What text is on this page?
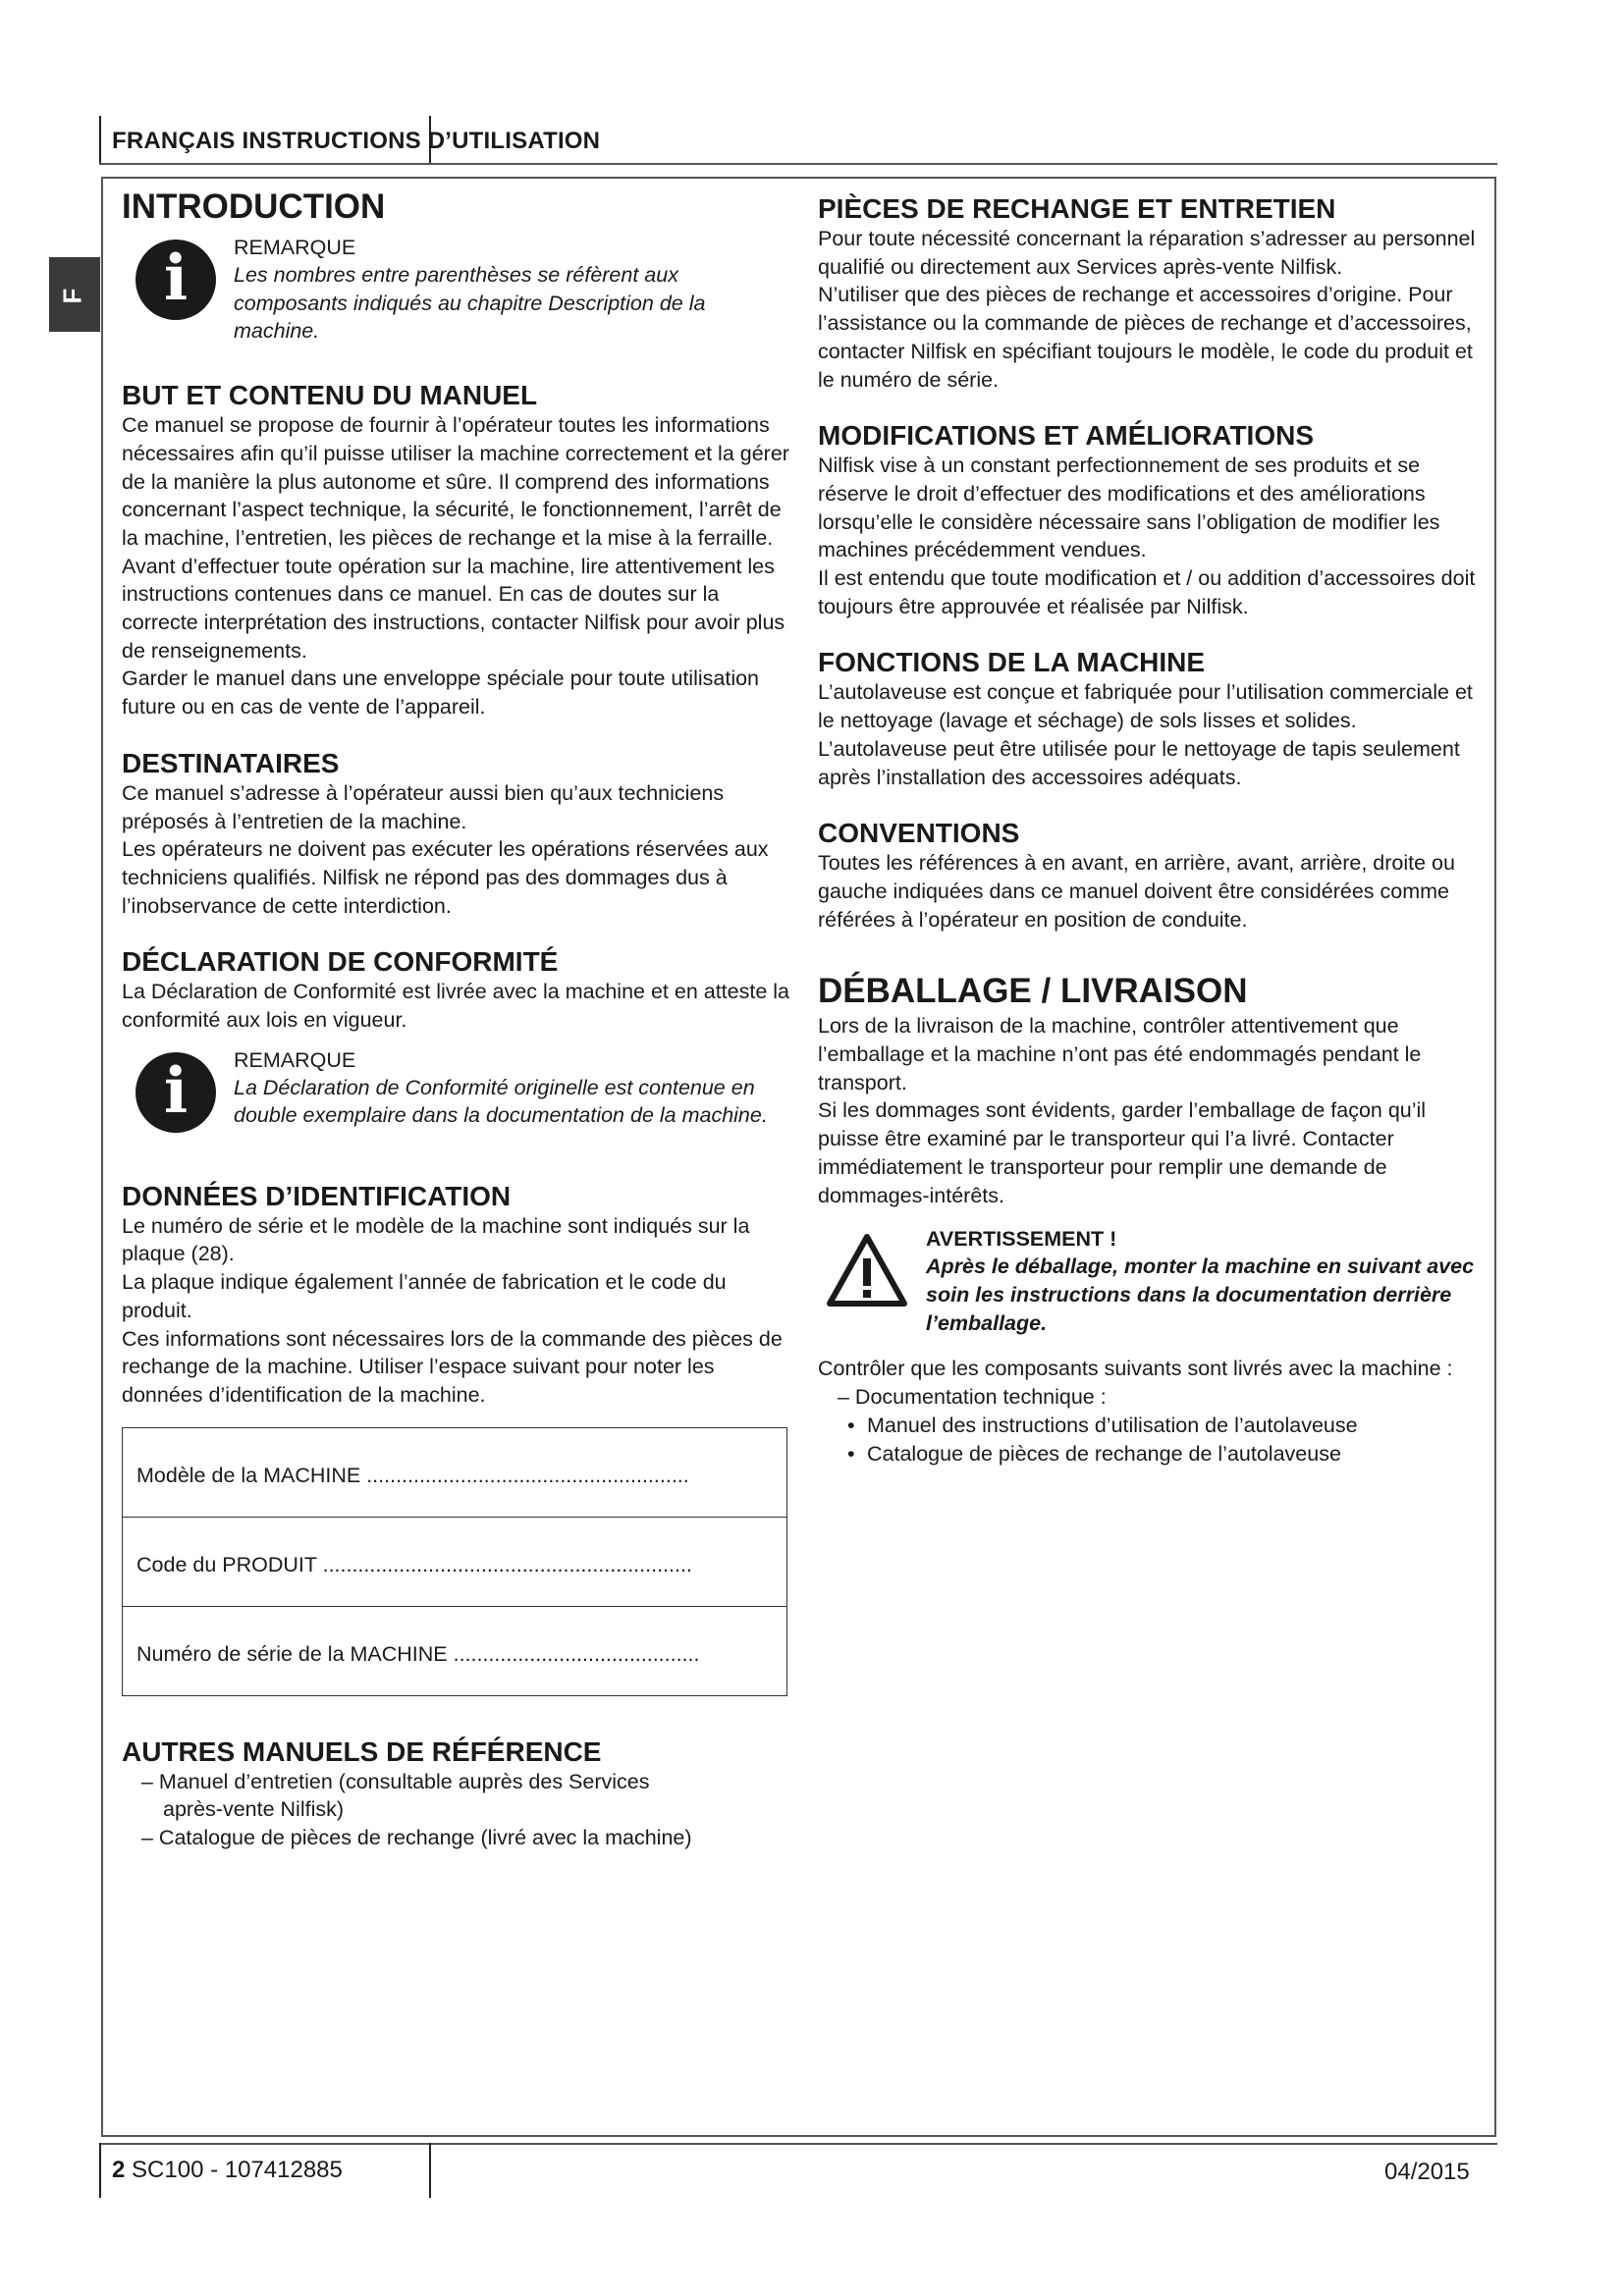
FRANÇAIS INSTRUCTIONS D’UTILISATION
F
INTRODUCTION
i	REMARQUE
Les nombres entre parenthèses se réfèrent aux composants indiqués au chapitre Description de la machine.
BUT ET CONTENU DU MANUEL

Ce manuel se propose de fournir à l’opérateur toutes les informations nécessaires afin qu’il puisse utiliser la machine correctement et la gérer de la manière la plus autonome et sûre. Il comprend des informations concernant l’aspect technique, la sécurité, le fonctionnement, l’arrêt de la machine, l’entretien, les pièces de rechange et la mise à la ferraille.

Avant d’effectuer toute opération sur la machine, lire attentivement les instructions contenues dans ce manuel. En cas de doutes sur la correcte interprétation des instructions, contacter Nilfisk pour avoir plus de renseignements.

Garder le manuel dans une enveloppe spéciale pour toute utilisation future ou en cas de vente de l’appareil.

DESTINATAIRES

Ce manuel s’adresse à l’opérateur aussi bien qu’aux techniciens préposés à l’entretien de la machine.

Les opérateurs ne doivent pas exécuter les opérations réservées aux techniciens qualifiés. Nilfisk ne répond pas des dommages dus à l’inobservance de cette interdiction.

DÉCLARATION DE CONFORMITÉ

La Déclaration de Conformité est livrée avec la machine et en atteste la conformité aux lois en vigueur.

i	REMARQUE
La Déclaration de Conformité originelle est contenue en double exemplaire dans la documentation de la machine.
DONNÉES D’IDENTIFICATION

Le numéro de série et le modèle de la machine sont indiqués sur la plaque (28).

La plaque indique également l’année de fabrication et le code du produit.

Ces informations sont nécessaires lors de la commande des pièces de rechange de la machine. Utiliser l’espace suivant pour noter les données d’identification de la machine.

Modèle de la MACHINE .......................................................
Code du PRODUIT ...............................................................
Numéro de série de la MACHINE ..........................................
AUTRES MANUELS DE RÉFÉRENCE
– Manuel d’entretien (consultable auprès des Services
après-vente Nilfisk)
– Catalogue de pièces de rechange (livré avec la machine)
PIÈCES DE RECHANGE ET ENTRETIEN

Pour toute nécessité concernant la réparation s’adresser au personnel qualifié ou directement aux Services après-vente Nilfisk.

N’utiliser que des pièces de rechange et accessoires d’origine. Pour l’assistance ou la commande de pièces de rechange et d’accessoires, contacter Nilfisk en spécifiant toujours le modèle, le code du produit et le numéro de série.

MODIFICATIONS ET AMÉLIORATIONS

Nilfisk vise à un constant perfectionnement de ses produits et se réserve le droit d’effectuer des modifications et des améliorations lorsqu’elle le considère nécessaire sans l’obligation de modifier les machines précédemment vendues.

Il est entendu que toute modification et / ou addition d’accessoires doit toujours être approuvée et réalisée par Nilfisk.

FONCTIONS DE LA MACHINE

L’autolaveuse est conçue et fabriquée pour l’utilisation commerciale et le nettoyage (lavage et séchage) de sols lisses et solides.

L’autolaveuse peut être utilisée pour le nettoyage de tapis seulement après l’installation des accessoires adéquats.

CONVENTIONS

Toutes les références à en avant, en arrière, avant, arrière, droite ou gauche indiquées dans ce manuel doivent être considérées comme référées à l’opérateur en position de conduite.

DÉBALLAGE / LIVRAISON

Lors de la livraison de la machine, contrôler attentivement que l’emballage et la machine n’ont pas été endommagés pendant le transport.

Si les dommages sont évidents, garder l’emballage de façon qu’il puisse être examiné par le transporteur qui l’a livré. Contacter immédiatement le transporteur pour remplir une demande de dommages-intérêts.

AVERTISSEMENT !
Après le déballage, monter la machine en suivant avec soin les instructions dans la documentation derrière l’emballage.

Contrôler que les composants suivants sont livrés avec la machine :

– Documentation technique :
• Manuel des instructions d’utilisation de l’autolaveuse
• Catalogue de pièces de rechange de l’autolaveuse
2 SC100 - 107412885	04/2015
